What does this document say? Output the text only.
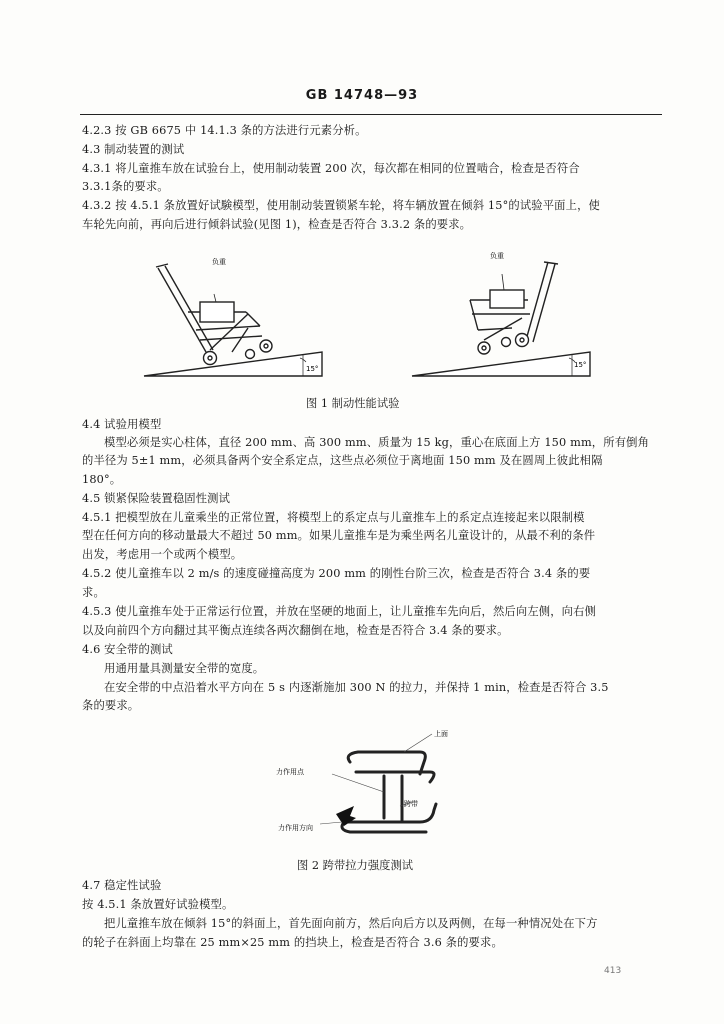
GB 14748—93
4.2.3 按 GB 6675 中 14.1.3 条的方法进行元素分析。
4.3 制动装置的测试
4.3.1 将儿童推车放在试验台上，使用制动装置 200 次，每次都在相同的位置啮合，检查是否符合
3.3.1条的要求。
4.3.2 按 4.5.1 条放置好试験模型，使用制动装置锁紧车轮，将车辆放置在倾斜 15°的试验平面上，使
车轮先向前，再向后进行倾斜试验(见图 1)，检查是否符合 3.3.2 条的要求。
负重
负重
15°	15°
图 1 制动性能试验
4.4 试验用模型
模型必须是实心柱体，直径 200 mm、高 300 mm、质量为 15 kg，重心在底面上方 150 mm，所有倒角
的半径为 5±1 mm，必须具备两个安全系定点，这些点必须位于离地面 150 mm 及在圆周上彼此相隔
180°。
4.5 锁紧保险装置稳固性测试
4.5.1 把模型放在儿童乘坐的正常位置，将模型上的系定点与儿童推车上的系定点连接起来以限制模
型在任何方向的移动量最大不超过 50 mm。如果儿童推车是为乘坐两名儿童设计的，从最不利的条件
出发，考虑用一个或两个模型。
4.5.2 使儿童推车以 2 m/s 的速度碰撞高度为 200 mm 的刚性台阶三次，检查是否符合 3.4 条的要
求。
4.5.3 使儿童推车处于正常运行位置，并放在坚硬的地面上，让儿童推车先向后，然后向左侧，向右侧
以及向前四个方向翻过其平衡点连续各两次翻倒在地，检查是否符合 3.4 条的要求。
4.6 安全带的测试
用通用量具测量安全带的宽度。
在安全带的中点沿着水平方向在 5 s 内逐渐施加 300 N 的拉力，并保持 1 min，检查是否符合 3.5
条的要求。
上面
力作用点
跨带
力作用方向
图 2 跨带拉力强度测试
4.7 稳定性试验
按 4.5.1 条放置好试验模型。
把儿童推车放在倾斜 15°的斜面上，首先面向前方，然后向后方以及两侧，在每一种情况处在下方
的轮子在斜面上均靠在 25 mm×25 mm 的挡块上，检查是否符合 3.6 条的要求。
413
